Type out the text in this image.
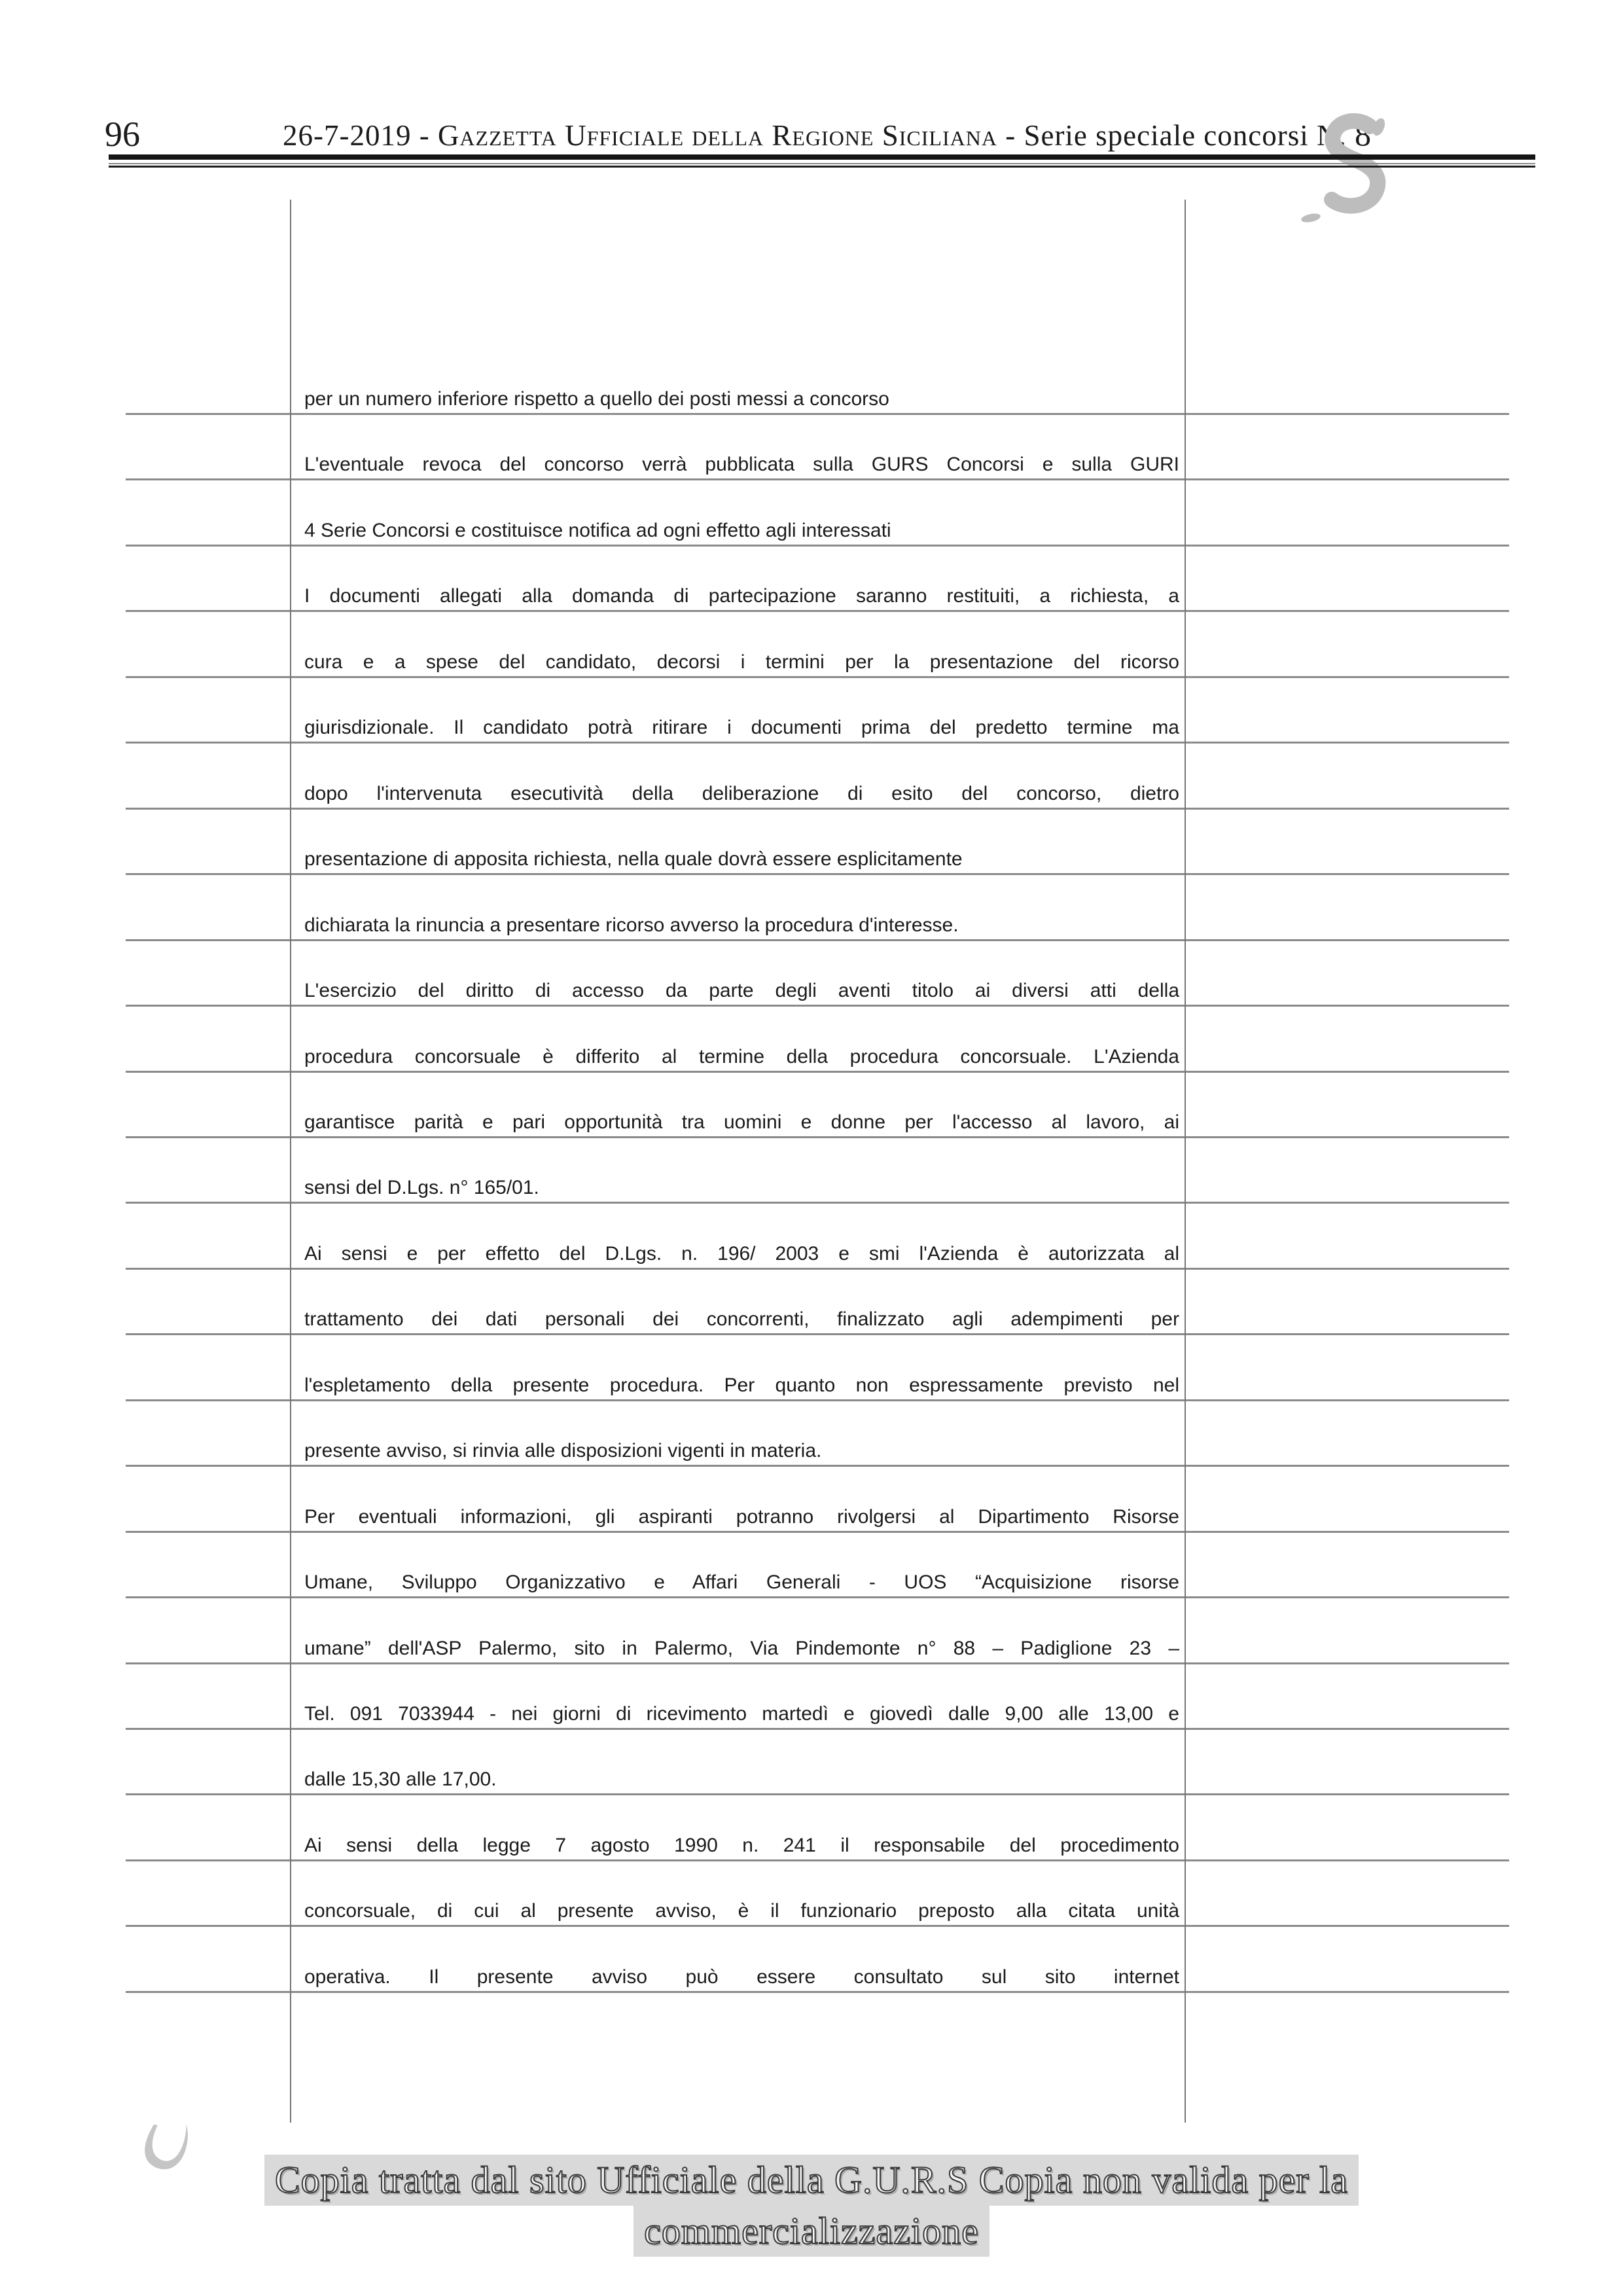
96	26-7-2019 - Gazzetta Ufficiale della Regione Siciliana - Serie speciale concorsi N. 8
per un numero inferiore rispetto a quello dei posti messi a concorso
L'eventuale revoca del concorso verrà pubblicata sulla GURS Concorsi e sulla GURI
4 Serie Concorsi e costituisce notifica ad ogni effetto agli interessati
I documenti allegati alla domanda di partecipazione saranno restituiti, a richiesta, a
cura e a spese del candidato, decorsi i termini per la presentazione del ricorso
giurisdizionale. Il candidato potrà ritirare i documenti prima del predetto termine ma
dopo l'intervenuta esecutività della deliberazione di esito del concorso, dietro
presentazione di apposita richiesta, nella quale dovrà essere esplicitamente
dichiarata la rinuncia a presentare ricorso avverso la procedura d'interesse.
L'esercizio del diritto di accesso da parte degli aventi titolo ai diversi atti della
procedura concorsuale è differito al termine della procedura concorsuale. L'Azienda
garantisce parità e pari opportunità tra uomini e donne per l'accesso al lavoro, ai
sensi del D.Lgs. n° 165/01.
Ai sensi e per effetto del D.Lgs. n. 196/ 2003 e smi l'Azienda è autorizzata al
trattamento dei dati personali dei concorrenti, finalizzato agli adempimenti per
l'espletamento della presente procedura. Per quanto non espressamente previsto nel
presente avviso, si rinvia alle disposizioni vigenti in materia.
Per eventuali informazioni, gli aspiranti potranno rivolgersi al Dipartimento Risorse
Umane, Sviluppo Organizzativo e Affari Generali - UOS “Acquisizione risorse
umane” dell'ASP Palermo, sito in Palermo, Via Pindemonte n° 88 – Padiglione 23 –
Tel. 091 7033944 - nei giorni di ricevimento martedì e giovedì dalle 9,00 alle 13,00 e
dalle 15,30 alle 17,00.
Ai sensi della legge 7 agosto 1990 n. 241 il responsabile del procedimento
concorsuale, di cui al presente avviso, è il funzionario preposto alla citata unità
operativa. Il presente avviso può essere consultato sul sito internet
Copia tratta dal sito Ufficiale della G.U.R.S Copia non valida per la
commercializzazione
